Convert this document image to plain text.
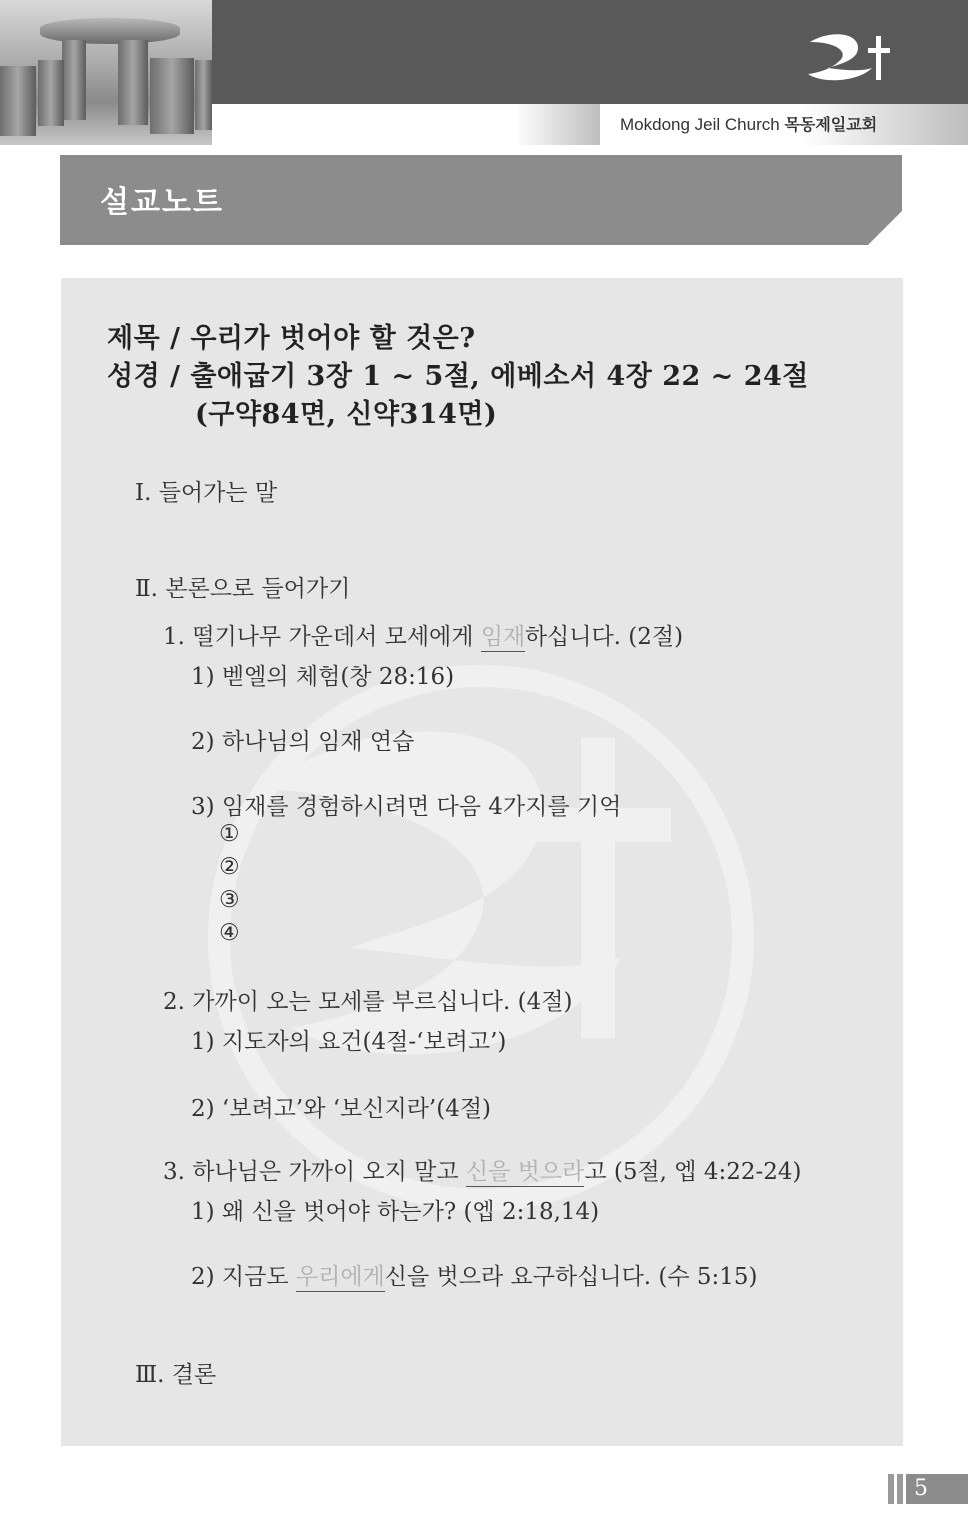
Mokdong Jeil Church 목동제일교회
설교노트
제목 / 우리가 벗어야 할 것은?
성경 / 출애굽기 3장 1 ~ 5절, 에베소서 4장 22 ~ 24절
(구약84면, 신약314면)
Ⅰ. 들어가는 말
Ⅱ. 본론으로 들어가기
1. 떨기나무 가운데서 모세에게 임재하십니다. (2절)
1) 벧엘의 체험(창 28:16)
2) 하나님의 임재 연습
3) 임재를 경험하시려면 다음 4가지를 기억
①
②
③
④
2. 가까이 오는 모세를 부르십니다. (4절)
1) 지도자의 요건(4절-‘보려고’)
2) ‘보려고’와 ‘보신지라’(4절)
3. 하나님은 가까이 오지 말고 신을 벗으라고 (5절, 엡 4:22-24)
1) 왜 신을 벗어야 하는가? (엡 2:18,14)
2) 지금도 우리에게신을 벗으라 요구하십니다. (수 5:15)
Ⅲ. 결론
5
